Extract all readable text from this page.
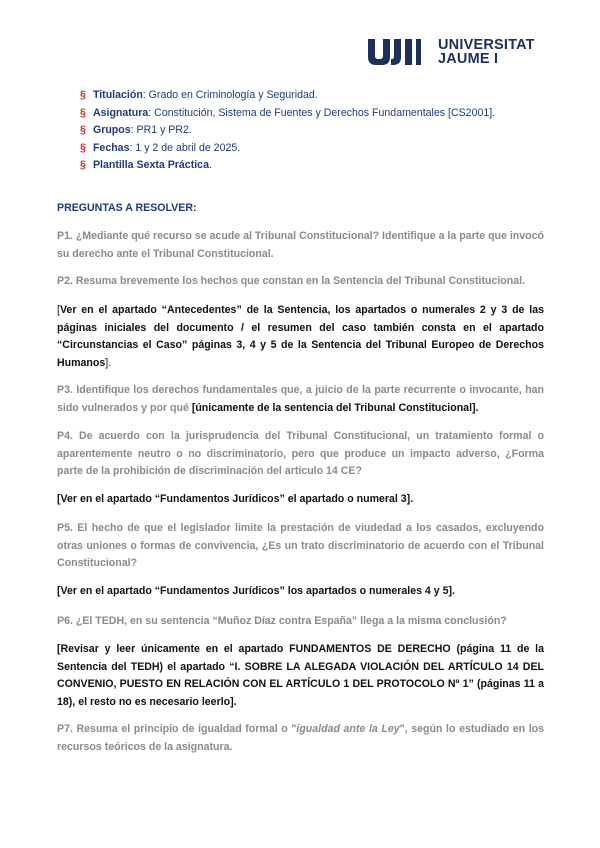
UNIVERSITAT
JAUME I
§ Titulación: Grado en Criminología y Seguridad.
§ Asignatura: Constitución, Sistema de Fuentes y Derechos Fundamentales [CS2001].
§ Grupos: PR1 y PR2.
§ Fechas: 1 y 2 de abril de 2025.
§ Plantilla Sexta Práctica.
PREGUNTAS A RESOLVER:

P1. ¿Mediante qué recurso se acude al Tribunal Constitucional? Identifique a la parte que invocó su derecho ante el Tribunal Constitucional.

P2. Resuma brevemente los hechos que constan en la Sentencia del Tribunal Constitucional.

[Ver en el apartado “Antecedentes” de la Sentencia, los apartados o numerales 2 y 3 de las páginas iniciales del documento / el resumen del caso también consta en el apartado “Circunstancias el Caso” páginas 3, 4 y 5 de la Sentencia del Tribunal Europeo de Derechos Humanos].

P3. Identifique los derechos fundamentales que, a juicio de la parte recurrente o invocante, han sido vulnerados y por qué [únicamente de la sentencia del Tribunal Constitucional].

P4. De acuerdo con la jurisprudencia del Tribunal Constitucional, un tratamiento formal o aparentemente neutro o no discriminatorio, pero que produce un impacto adverso, ¿Forma parte de la prohibición de discriminación del artículo 14 CE?

[Ver en el apartado “Fundamentos Jurídicos” el apartado o numeral 3].

P5. El hecho de que el legislador limite la prestación de viudedad a los casados, excluyendo otras uniones o formas de convivencia, ¿Es un trato discriminatorio de acuerdo con el Tribunal Constitucional?

[Ver en el apartado “Fundamentos Jurídicos” los apartados o numerales 4 y 5].

P6. ¿El TEDH, en su sentencia “Muñoz Díaz contra España” llega a la misma conclusión?

[Revisar y leer únicamente en el apartado FUNDAMENTOS DE DERECHO (página 11 de la Sentencia del TEDH) el apartado “I. SOBRE LA ALEGADA VIOLACIÓN DEL ARTÍCULO 14 DEL CONVENIO, PUESTO EN RELACIÓN CON EL ARTÍCULO 1 DEL PROTOCOLO Nº 1” (páginas 11 a 18), el resto no es necesario leerlo].

P7. Resuma el principio de igualdad formal o "igualdad ante la Ley", según lo estudiado en los recursos teóricos de la asignatura.
